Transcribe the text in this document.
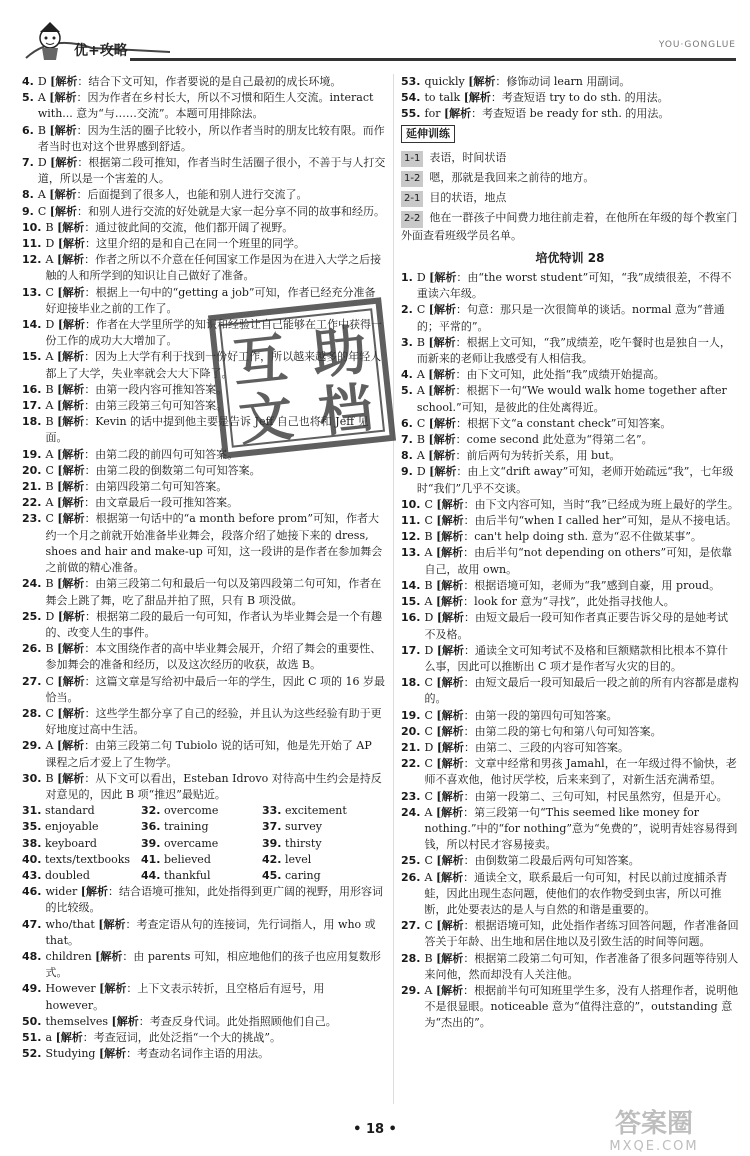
优+攻略	YOU·GONGLUE
4. D [解析：结合下文可知，作者要说的是自己最初的成长环境。
5. A [解析：因为作者在乡村长大，所以不习惯和陌生人交流。interact with... 意为“与……交流”。本题可用排除法。
6. B [解析：因为生活的圈子比较小，所以作者当时的朋友比较有限。而作者当时也对这个世界感到舒适。
7. D [解析：根据第二段可推知，作者当时生活圈子很小，不善于与人打交道，所以是一个害羞的人。
8. A [解析：后面提到了很多人，也能和别人进行交流了。
9. C [解析：和别人进行交流的好处就是大家一起分享不同的故事和经历。
10. B [解析：通过彼此间的交流，他们都开阔了视野。
11. D [解析：这里介绍的是和自己在同一个班里的同学。
12. A [解析：作者之所以不介意在任何国家工作是因为在进入大学之后接触的人和所学到的知识让自己做好了准备。
13. C [解析：根据上一句中的“getting a job”可知，作者已经充分准备好迎接毕业之前的工作了。
14. D [解析：作者在大学里所学的知识和经验让自己能够在工作中获得一份工作的成功大大增加了。
15. A [解析：因为上大学有利于找到一份好工作，所以越来越多的年轻人都上了大学，失业率就会大大下降了。
16. B [解析：由第一段内容可推知答案。
17. A [解析：由第三段第三句可知答案。
18. B [解析：Kevin 的话中提到他主要是告诉 Jeff 自己也将和 Jeff 见面。
19. A [解析：由第二段的前四句可知答案。
20. C [解析：由第二段的倒数第二句可知答案。
21. B [解析：由第四段第二句可知答案。
22. A [解析：由文章最后一段可推知答案。
23. C [解析：根据第一句话中的“a month before prom”可知，作者大约一个月之前就开始准备毕业舞会，段落介绍了她接下来的 dress, shoes and hair and make-up 可知，这一段讲的是作者在参加舞会之前做的精心准备。
24. B [解析：由第三段第二句和最后一句以及第四段第二句可知，作者在舞会上跳了舞，吃了甜品并拍了照，只有 B 项没做。
25. D [解析：根据第二段的最后一句可知，作者认为毕业舞会是一个有趣的、改变人生的事件。
26. B [解析：本文围绕作者的高中毕业舞会展开，介绍了舞会的重要性、参加舞会的准备和经历，以及这次经历的收获，故选 B。
27. C [解析：这篇文章是写给初中最后一年的学生，因此 C 项的 16 岁最恰当。
28. C [解析：这些学生都分享了自己的经验，并且认为这些经验有助于更好地度过高中生活。
29. A [解析：由第三段第二句 Tubiolo 说的话可知，他是先开始了 AP 课程之后才爱上了生物学。
30. B [解析：从下文可以看出，Esteban Idrovo 对待高中生约会是持反对意见的，因此 B 项“推迟”最贴近。
31. standard	32. overcome	33. excitement
35. enjoyable	36. training	37. survey
38. keyboard	39. overcame	39. thirsty
40. texts/textbooks 41. believed	42. level
43. doubled	44. thankful	45. caring
46. wider [解析：结合语境可推知，此处指得到更广阔的视野，用形容词的比较级。
47. who/that [解析：考查定语从句的连接词，先行词指人，用 who 或 that。
48. children [解析：由 parents 可知，相应地他们的孩子也应用复数形式。
49. However [解析：上下文表示转折，且空格后有逗号，用 however。
50. themselves [解析：考查反身代词。此处指照顾他们自己。
51. a [解析：考查冠词，此处泛指“一个大的挑战”。
52. Studying [解析：考查动名词作主语的用法。
53. quickly [解析：修饰动词 learn 用副词。
54. to talk [解析：考查短语 try to do sth. 的用法。
55. for [解析：考查短语 be ready for sth. 的用法。
延伸训练
1-1 表语，时间状语
1-2 嗯，那就是我回来之前待的地方。
2-1 目的状语，地点
2-2 他在一群孩子中间费力地往前走着，在他所在年级的每个教室门外面查看班级学员名单。
培优特训 28
1. D [解析：由“the worst student”可知，“我”成绩很差，不得不重读六年级。
2. C [解析：句意：那只是一次很简单的谈话。normal 意为“普通的；平常的”。
3. B [解析：根据上文可知，“我”成绩差，吃午餐时也是独自一人，而新来的老师让我感受有人相信我。
4. A [解析：由下文可知，此处指“我”成绩开始提高。
5. A [解析：根据下一句“We would walk home together after school.”可知，是彼此的住处离得近。
6. C [解析：根据下文“a constant check”可知答案。
7. B [解析：come second 此处意为“得第二名”。
8. A [解析：前后两句为转折关系，用 but。
9. D [解析：由上文“drift away”可知，老师开始疏远“我”，七年级时“我们”几乎不交谈。
10. C [解析：由下文内容可知，当时“我”已经成为班上最好的学生。
11. C [解析：由后半句“when I called her”可知，是从不接电话。
12. B [解析：can't help doing sth. 意为“忍不住做某事”。
13. A [解析：由后半句“not depending on others”可知，是依靠自己，故用 own。
14. B [解析：根据语境可知，老师为“我”感到自豪，用 proud。
15. A [解析：look for 意为“寻找”，此处指寻找他人。
16. D [解析：由短文最后一段可知作者真正要告诉父母的是她考试不及格。
17. D [解析：通读全文可知考试不及格和巨额赌款相比根本不算什么事，因此可以推断出 C 项才是作者写火灾的目的。
18. C [解析：由短文最后一段可知最后一段之前的所有内容都是虚构的。
19. C [解析：由第一段的第四句可知答案。
20. C [解析：由第二段的第七句和第八句可知答案。
21. D [解析：由第二、三段的内容可知答案。
22. C [解析：文章中经常和男孩 Jamahl，在一年级过得不愉快，老师不喜欢他，他讨厌学校，后来来到了，对新生活充满希望。
23. C [解析：由第一段第二、三句可知，村民虽然穷，但是开心。
24. A [解析：第三段第一句“This seemed like money for nothing.”中的“for nothing”意为“免费的”，说明青娃容易得到钱，所以村民才容易接卖。
25. C [解析：由倒数第二段最后两句可知答案。
26. A [解析：通读全文，联系最后一句可知，村民以前过度捕杀青蛙，因此出现生态问题，使他们的农作物受到虫害，所以可推断，此处要表达的是人与自然的和谐是重要的。
27. C [解析：根据语境可知，此处指作者练习回答问题，作者准备回答关于年龄、出生地和居住地以及引致生活的时间等问题。
28. B [解析：根据第二段第二句可知，作者准备了很多问题等待别人来问他，然而却没有人关注他。
29. A [解析：根据前半句可知班里学生多，没有人搭理作者，说明他不是很显眼。noticeable 意为“值得注意的”，outstanding 意为“杰出的”。
互 助
文 档
• 18 •	答案圈
MXQE.COM
